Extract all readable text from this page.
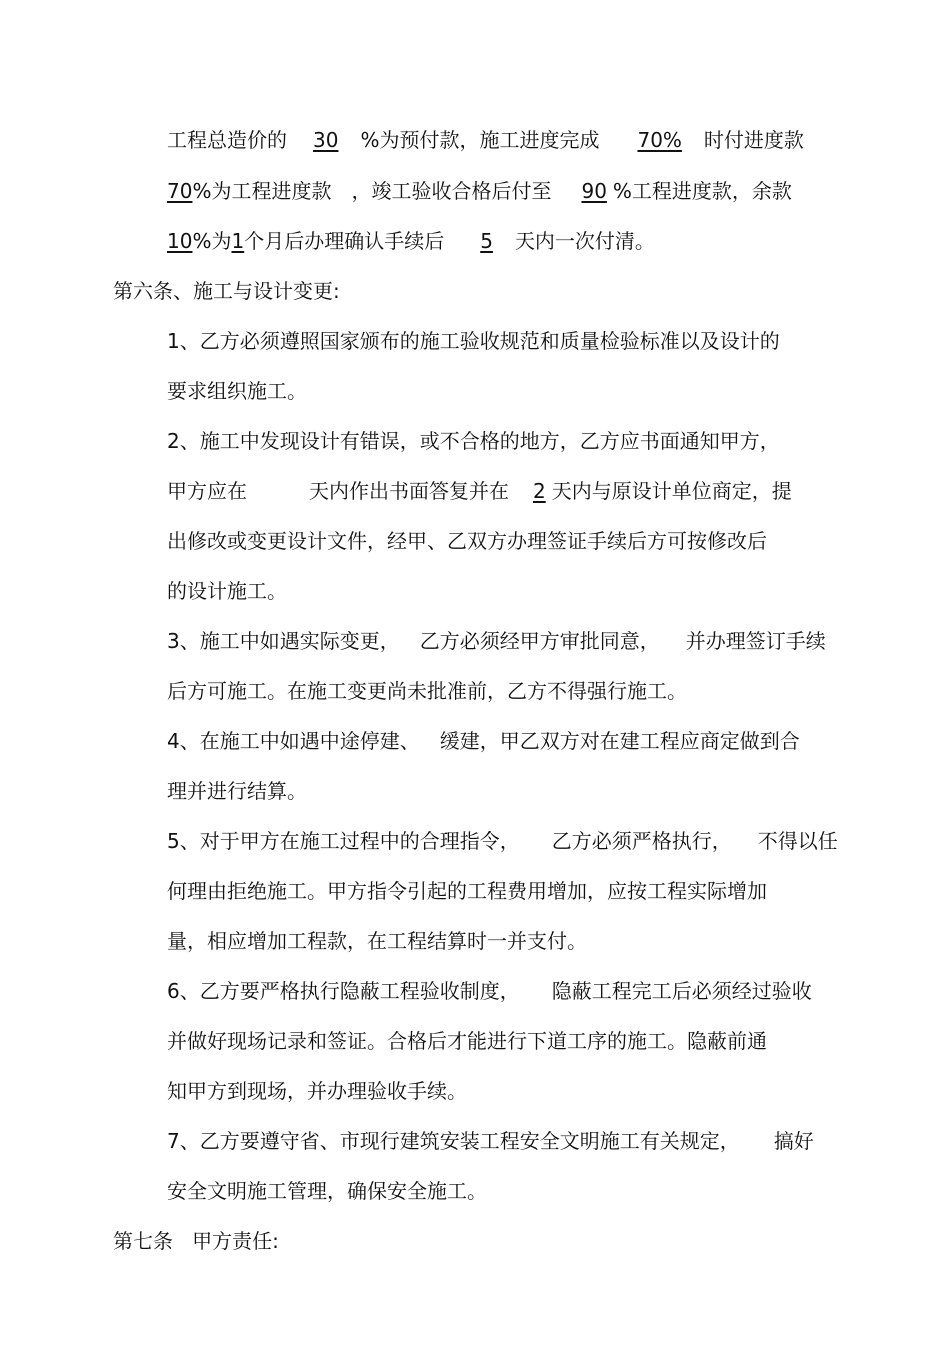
工程总造价的 30 %为预付款，施工进度完成 70% 时付进度款
70%为工程进度款 ，竣工验收合格后付至 90 %工程进度款，余款
10%为1个月后办理确认手续后 5 天内一次付清。
第六条、施工与设计变更:
1、乙方必须遵照国家颁布的施工验收规范和质量检验标准以及设计的
要求组织施工。
2、施工中发现设计有错误，或不合格的地方，乙方应书面通知甲方，
甲方应在	天内作出书面答复并在 2 天内与原设计单位商定，提
出修改或变更设计文件，经甲、乙双方办理签证手续后方可按修改后
的设计施工。
3、施工中如遇实际变更， 乙方必须经甲方审批同意， 并办理签订手续
后方可施工。在施工变更尚未批准前，乙方不得强行施工。
4、在施工中如遇中途停建、 缓建，甲乙双方对在建工程应商定做到合
理并进行结算。
5、对于甲方在施工过程中的合理指令， 乙方必须严格执行， 不得以任
何理由拒绝施工。甲方指令引起的工程费用增加，应按工程实际增加
量，相应增加工程款，在工程结算时一并支付。
6、乙方要严格执行隐蔽工程验收制度， 隐蔽工程完工后必须经过验收
并做好现场记录和签证。合格后才能进行下道工序的施工。隐蔽前通
知甲方到现场，并办理验收手续。
7、乙方要遵守省、市现行建筑安装工程安全文明施工有关规定， 搞好
安全文明施工管理，确保安全施工。
第七条   甲方责任:
